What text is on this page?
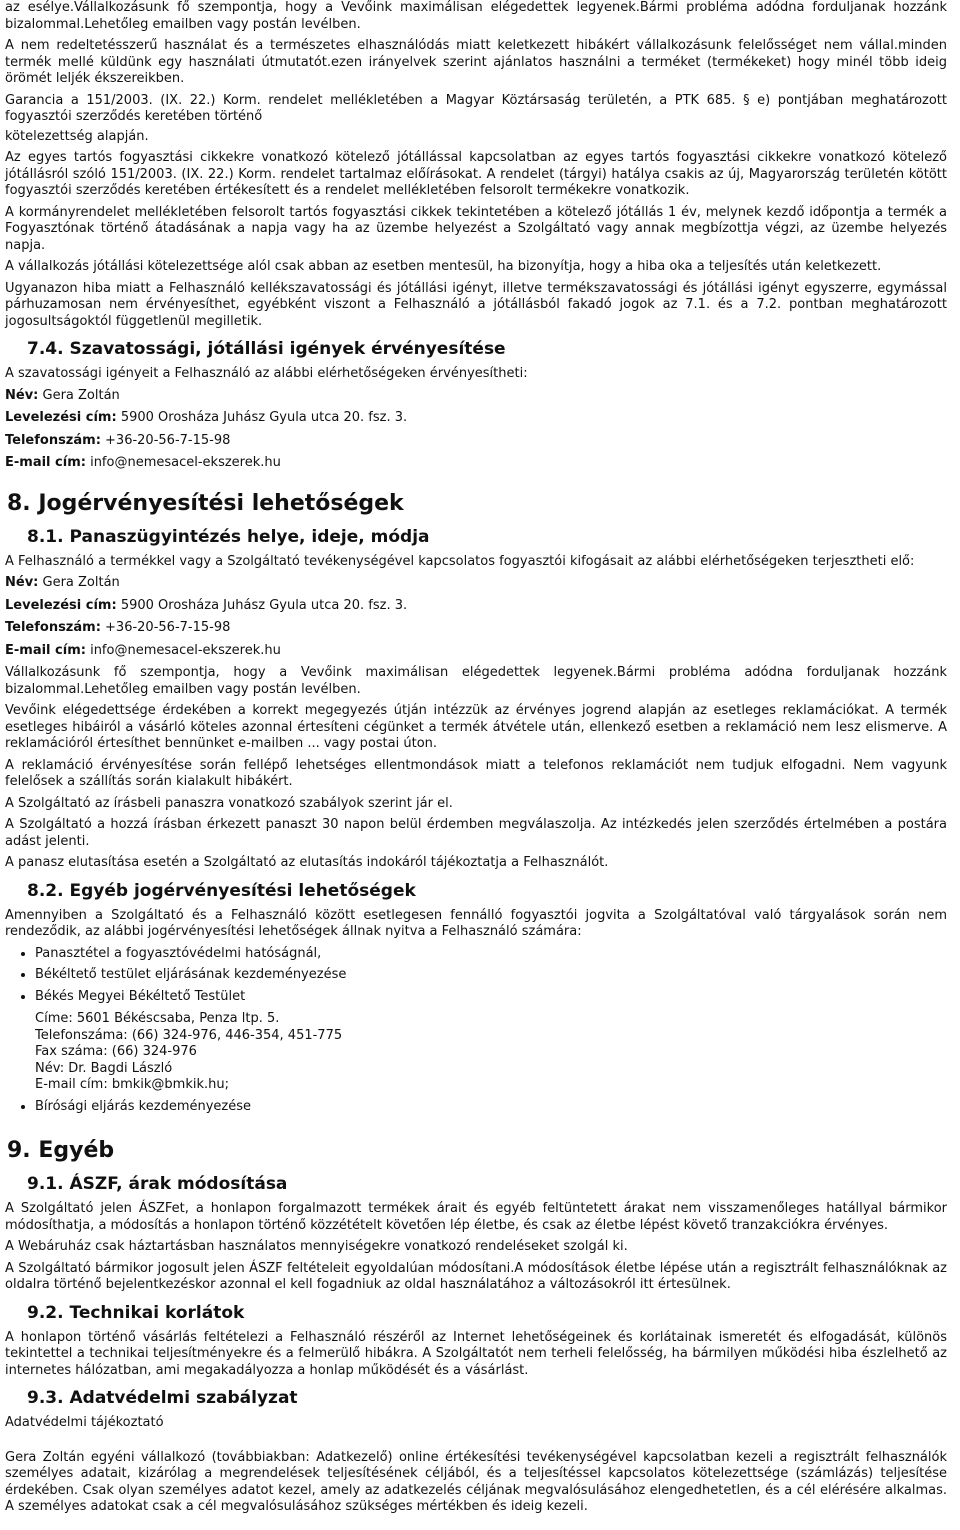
az esélye.Vállalkozásunk fő szempontja, hogy a Vevőink maximálisan elégedettek legyenek.Bármi probléma adódna forduljanak hozzánk bizalommal.Lehetőleg emailben vagy postán levélben.

A nem redeltetésszerű használat és a természetes elhasználódás miatt keletkezett hibákért vállalkozásunk felelősséget nem vállal.minden termék mellé küldünk egy használati útmutatót.ezen irányelvek szerint ajánlatos használni a terméket (termékeket) hogy minél több ideig örömét leljék ékszereikben.

Garancia a 151/2003. (IX. 22.) Korm. rendelet mellékletében a Magyar Köztársaság területén, a PTK 685. § e) pontjában meghatározott fogyasztói szerződés keretében történő

kötelezettség alapján.

Az egyes tartós fogyasztási cikkekre vonatkozó kötelező jótállással kapcsolatban az egyes tartós fogyasztási cikkekre vonatkozó kötelező jótállásról szóló 151/2003. (IX. 22.) Korm. rendelet tartalmaz előírásokat. A rendelet (tárgyi) hatálya csakis az új, Magyarország területén kötött fogyasztói szerződés keretében értékesített és a rendelet mellékletében felsorolt termékekre vonatkozik.

A kormányrendelet mellékletében felsorolt tartós fogyasztási cikkek tekintetében a kötelező jótállás 1 év, melynek kezdő időpontja a termék a Fogyasztónak történő átadásának a napja vagy ha az üzembe helyezést a Szolgáltató vagy annak megbízottja végzi, az üzembe helyezés napja.

A vállalkozás jótállási kötelezettsége alól csak abban az esetben mentesül, ha bizonyítja, hogy a hiba oka a teljesítés után keletkezett.

Ugyanazon hiba miatt a Felhasználó kellékszavatossági és jótállási igényt, illetve termékszavatossági és jótállási igényt egyszerre, egymással párhuzamosan nem érvényesíthet, egyébként viszont a Felhasználó a jótállásból fakadó jogok az 7.1. és a 7.2. pontban meghatározott jogosultságoktól függetlenül megilletik.

7.4. Szavatossági, jótállási igények érvényesítése

A szavatossági igényeit a Felhasználó az alábbi elérhetőségeken érvényesítheti:

Név: Gera Zoltán

Levelezési cím: 5900 Orosháza Juhász Gyula utca 20. fsz. 3.

Telefonszám: +36-20-56-7-15-98

E-mail cím: info@nemesacel-ekszerek.hu

8. Jogérvényesítési lehetőségek
8.1. Panaszügyintézés helye, ideje, módja

A Felhasználó a termékkel vagy a Szolgáltató tevékenységével kapcsolatos fogyasztói kifogásait az alábbi elérhetőségeken terjesztheti elő:

Név: Gera Zoltán

Levelezési cím: 5900 Orosháza Juhász Gyula utca 20. fsz. 3.

Telefonszám: +36-20-56-7-15-98

E-mail cím: info@nemesacel-ekszerek.hu

Vállalkozásunk fő szempontja, hogy a Vevőink maximálisan elégedettek legyenek.Bármi probléma adódna forduljanak hozzánk bizalommal.Lehetőleg emailben vagy postán levélben.

Vevőink elégedettsége érdekében a korrekt megegyezés útján intézzük az érvényes jogrend alapján az esetleges reklamációkat. A termék esetleges hibáiról a vásárló köteles azonnal értesíteni cégünket a termék átvétele után, ellenkező esetben a reklamáció nem lesz elismerve. A reklamációról értesíthet bennünket e-mailben ... vagy postai úton.

A reklamáció érvényesítése során fellépő lehetséges ellentmondások miatt a telefonos reklamációt nem tudjuk elfogadni. Nem vagyunk felelősek a szállítás során kialakult hibákért.

A Szolgáltató az írásbeli panaszra vonatkozó szabályok szerint jár el.

A Szolgáltató a hozzá írásban érkezett panaszt 30 napon belül érdemben megválaszolja. Az intézkedés jelen szerződés értelmében a postára adást jelenti.

A panasz elutasítása esetén a Szolgáltató az elutasítás indokáról tájékoztatja a Felhasználót.

8.2. Egyéb jogérvényesítési lehetőségek

Amennyiben a Szolgáltató és a Felhasználó között esetlegesen fennálló fogyasztói jogvita a Szolgáltatóval való tárgyalások során nem rendeződik, az alábbi jogérvényesítési lehetőségek állnak nyitva a Felhasználó számára:

• Panasztétel a fogyasztóvédelmi hatóságnál,
• Békéltető testület eljárásának kezdeményezése
• Békés Megyei Békéltető Testület
Címe: 5601 Békéscsaba, Penza ltp. 5.
Telefonszáma: (66) 324-976, 446-354, 451-775
Fax száma: (66) 324-976
Név: Dr. Bagdi László
E-mail cím: bmkik@bmkik.hu;
• Bírósági eljárás kezdeményezése
9. Egyéb
9.1. ÁSZF, árak módosítása

A Szolgáltató jelen ÁSZFet, a honlapon forgalmazott termékek árait és egyéb feltüntetett árakat nem visszamenőleges hatállyal bármikor módosíthatja, a módosítás a honlapon történő közzétételt követően lép életbe, és csak az életbe lépést követő tranzakciókra érvényes.

A Webáruház csak háztartásban használatos mennyiségekre vonatkozó rendeléseket szolgál ki.

A Szolgáltató bármikor jogosult jelen ÁSZF feltételeit egyoldalúan módosítani.A módosítások életbe lépése után a regisztrált felhasználóknak az oldalra történő bejelentkezéskor azonnal el kell fogadniuk az oldal használatához a változásokról itt értesülnek.

9.2. Technikai korlátok

A honlapon történő vásárlás feltételezi a Felhasználó részéről az Internet lehetőségeinek és korlátainak ismeretét és elfogadását, különös tekintettel a technikai teljesítményekre és a felmerülő hibákra. A Szolgáltatót nem terheli felelősség, ha bármilyen működési hiba észlelhető az internetes hálózatban, ami megakadályozza a honlap működését és a vásárlást.

9.3. Adatvédelmi szabályzat

Adatvédelmi tájékoztató

Gera Zoltán egyéni vállalkozó (továbbiakban: Adatkezelő) online értékesítési tevékenységével kapcsolatban kezeli a regisztrált felhasználók személyes adatait, kizárólag a megrendelések teljesítésének céljából, és a teljesítéssel kapcsolatos kötelezettsége (számlázás) teljesítése érdekében. Csak olyan személyes adatot kezel, amely az adatkezelés céljának megvalósulásához elengedhetetlen, és a cél elérésére alkalmas. A személyes adatokat csak a cél megvalósulásához szükséges mértékben és ideig kezeli.
